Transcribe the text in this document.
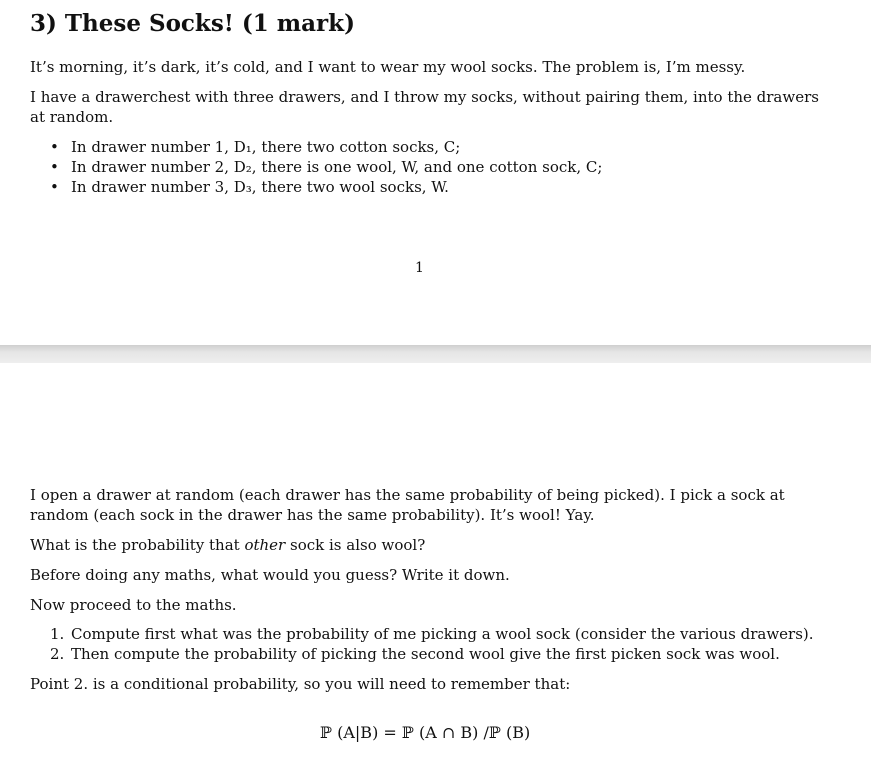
3) These Socks! (1 mark)

It’s morning, it’s dark, it’s cold, and I want to wear my wool socks. The problem is, I’m messy.

I have a drawerchest with three drawers, and I throw my socks, without pairing them, into the drawers at random.

• In drawer number 1, D₁, there two cotton socks, C;
• In drawer number 2, D₂, there is one wool, W, and one cotton sock, C;
• In drawer number 3, D₃, there two wool socks, W.
1

I open a drawer at random (each drawer has the same probability of being picked). I pick a sock at random (each sock in the drawer has the same probability). It’s wool! Yay.

What is the probability that other sock is also wool?

Before doing any maths, what would you guess? Write it down.

Now proceed to the maths.

1. Compute first what was the probability of me picking a wool sock (consider the various drawers).
2. Then compute the probability of picking the second wool give the first picken sock was wool.

Point 2. is a conditional probability, so you will need to remember that:

ℙ (A|B) = ℙ (A ∩ B) /ℙ (B)
